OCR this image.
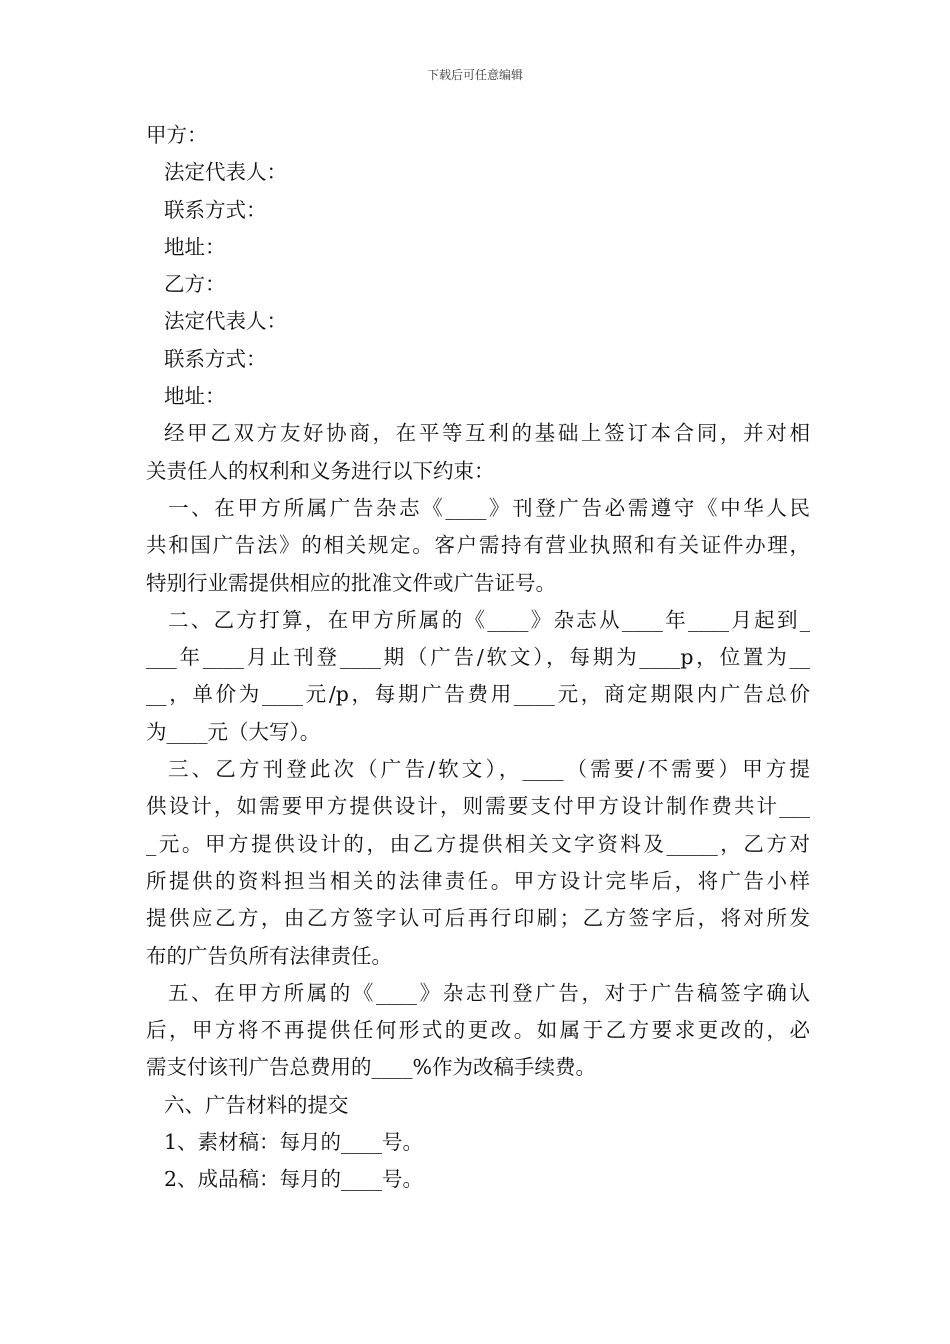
下载后可任意编辑
甲方：
法定代表人：
联系方式：
地址：
乙方：
法定代表人：
联系方式：
地址：
经甲乙双方友好协商，在平等互利的基础上签订本合同，并对相
关责任人的权利和义务进行以下约束：
一、在甲方所属广告杂志《____》刊登广告必需遵守《中华人民
共和国广告法》的相关规定。客户需持有营业执照和有关证件办理，
特别行业需提供相应的批准文件或广告证号。
二、乙方打算，在甲方所属的《____》杂志从____年____月起到_
___年____月止刊登____期（广告/软文），每期为____p，位置为__
__，单价为____元/p，每期广告费用____元，商定期限内广告总价
为____元（大写）。
三、乙方刊登此次（广告/软文），____（需要/不需要）甲方提
供设计，如需要甲方提供设计，则需要支付甲方设计制作费共计___
_元。甲方提供设计的，由乙方提供相关文字资料及_____，乙方对
所提供的资料担当相关的法律责任。甲方设计完毕后，将广告小样
提供应乙方，由乙方签字认可后再行印刷；乙方签字后，将对所发
布的广告负所有法律责任。
五、在甲方所属的《____》杂志刊登广告，对于广告稿签字确认
后，甲方将不再提供任何形式的更改。如属于乙方要求更改的，必
需支付该刊广告总费用的____%作为改稿手续费。
六、广告材料的提交
1、素材稿：每月的____号。
2、成品稿：每月的____号。
